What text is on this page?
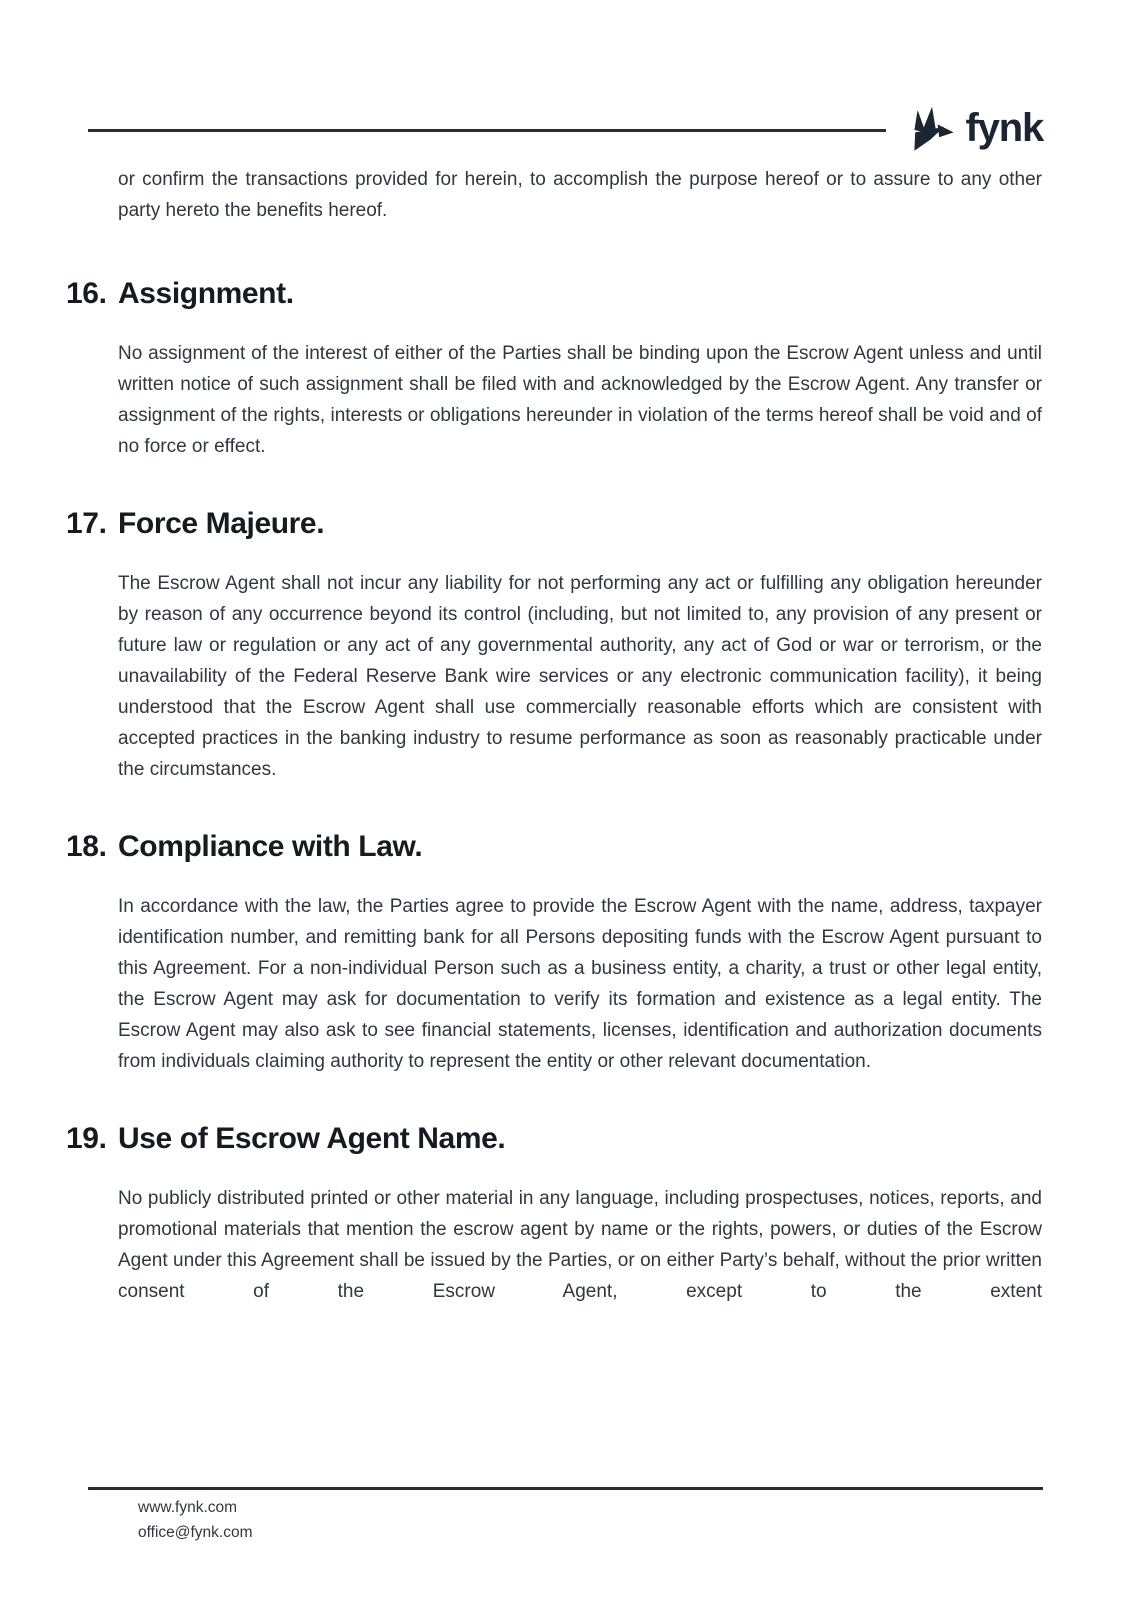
fynk

or confirm the transactions provided for herein, to accomplish the purpose hereof or to assure to any other party hereto the benefits hereof.

16. Assignment.

No assignment of the interest of either of the Parties shall be binding upon the Escrow Agent unless and until written notice of such assignment shall be filed with and acknowledged by the Escrow Agent. Any transfer or assignment of the rights, interests or obligations hereunder in violation of the terms hereof shall be void and of no force or effect.

17. Force Majeure.

The Escrow Agent shall not incur any liability for not performing any act or fulfilling any obligation hereunder by reason of any occurrence beyond its control (including, but not limited to, any provision of any present or future law or regulation or any act of any governmental authority, any act of God or war or terrorism, or the unavailability of the Federal Reserve Bank wire services or any electronic communication facility), it being understood that the Escrow Agent shall use commercially reasonable efforts which are consistent with accepted practices in the banking industry to resume performance as soon as reasonably practicable under the circumstances.

18. Compliance with Law.

In accordance with the law, the Parties agree to provide the Escrow Agent with the name, address, taxpayer identification number, and remitting bank for all Persons depositing funds with the Escrow Agent pursuant to this Agreement. For a non-individual Person such as a business entity, a charity, a trust or other legal entity, the Escrow Agent may ask for documentation to verify its formation and existence as a legal entity. The Escrow Agent may also ask to see financial statements, licenses, identification and authorization documents from individuals claiming authority to represent the entity or other relevant documentation.

19. Use of Escrow Agent Name.

No publicly distributed printed or other material in any language, including prospectuses, notices, reports, and promotional materials that mention the escrow agent by name or the rights, powers, or duties of the Escrow Agent under this Agreement shall be issued by the Parties, or on either Party’s behalf, without the prior written consent of the Escrow Agent, except to the extent

www.fynk.com
office@fynk.com
